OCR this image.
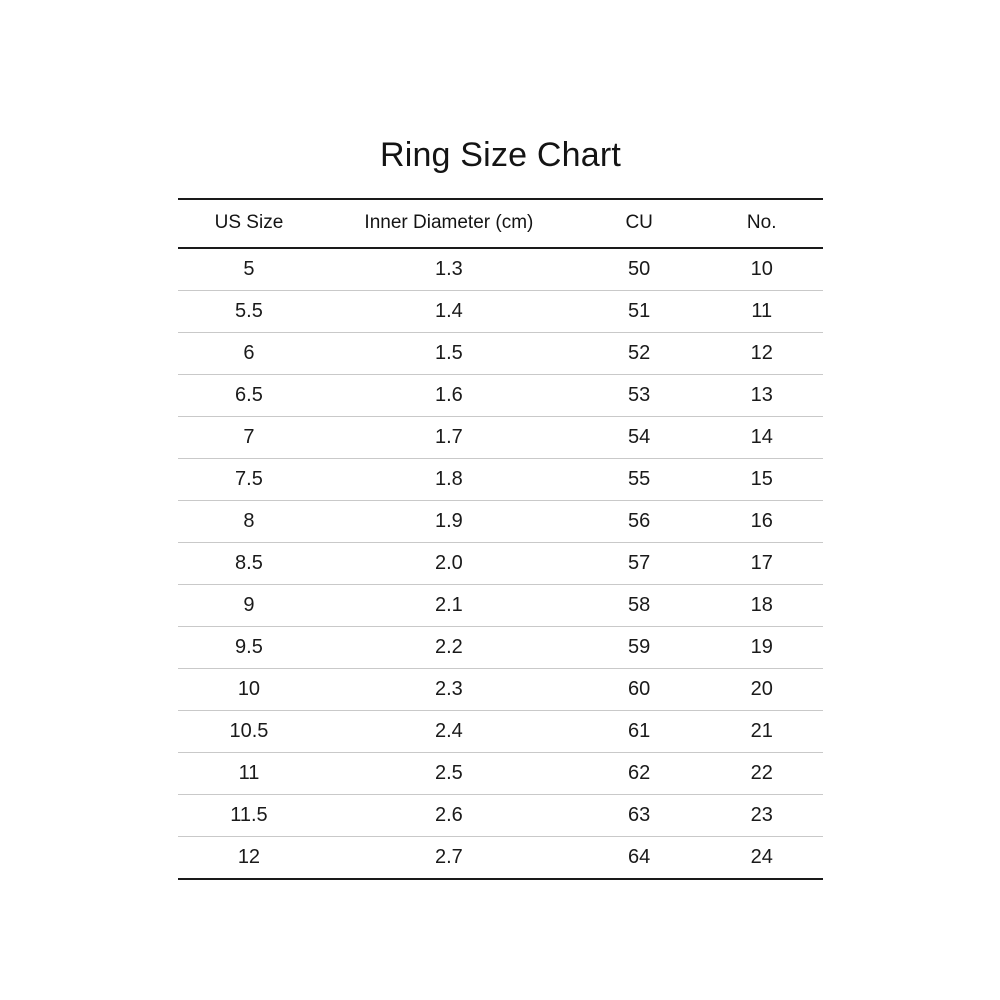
Ring Size Chart
US Size	Inner Diameter (cm)	CU	No.
5	1.3	50	10
5.5	1.4	51	11
6	1.5	52	12
6.5	1.6	53	13
7	1.7	54	14
7.5	1.8	55	15
8	1.9	56	16
8.5	2.0	57	17
9	2.1	58	18
9.5	2.2	59	19
10	2.3	60	20
10.5	2.4	61	21
11	2.5	62	22
11.5	2.6	63	23
12	2.7	64	24
